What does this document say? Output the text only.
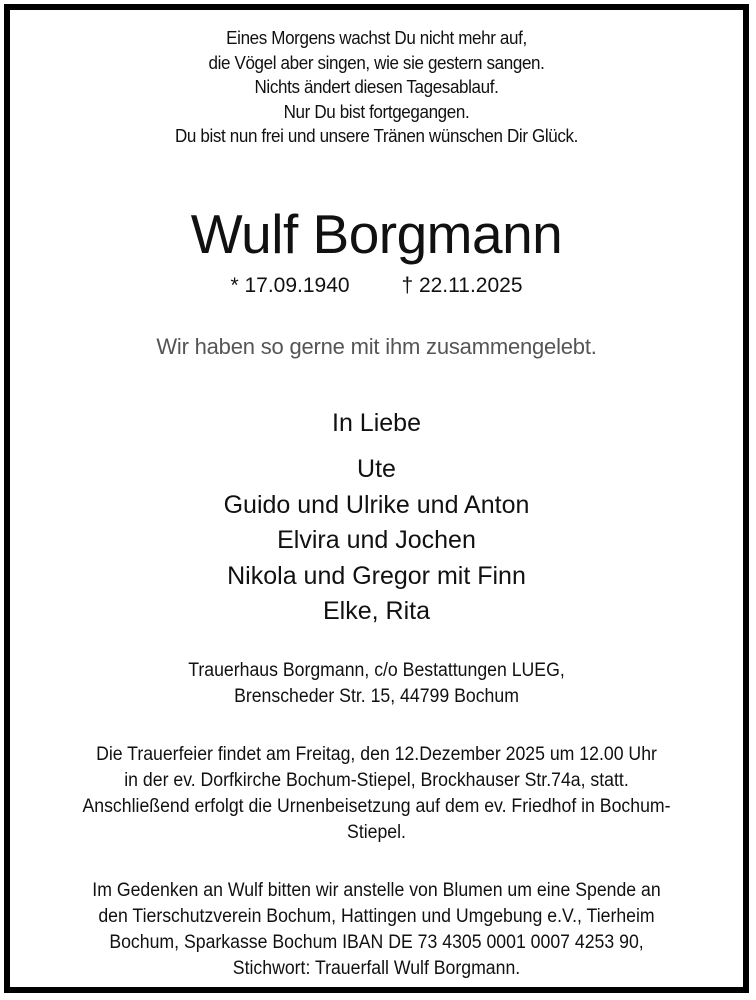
Eines Morgens wachst Du nicht mehr auf,
die Vögel aber singen, wie sie gestern sangen.
Nichts ändert diesen Tagesablauf.
Nur Du bist fortgegangen.
Du bist nun frei und unsere Tränen wünschen Dir Glück.
Wulf Borgmann
* 17.09.1940 † 22.11.2025
Wir haben so gerne mit ihm zusammengelebt.
In Liebe
Ute
Guido und Ulrike und Anton
Elvira und Jochen
Nikola und Gregor mit Finn
Elke, Rita
Trauerhaus Borgmann, c/o Bestattungen LUEG,
Brenscheder Str. 15, 44799 Bochum
Die Trauerfeier findet am Freitag, den 12.Dezember 2025 um 12.00 Uhr
in der ev. Dorfkirche Bochum-Stiepel, Brockhauser Str.74a, statt.
Anschließend erfolgt die Urnenbeisetzung auf dem ev. Friedhof in Bochum-
Stiepel.
Im Gedenken an Wulf bitten wir anstelle von Blumen um eine Spende an
den Tierschutzverein Bochum, Hattingen und Umgebung e.V., Tierheim
Bochum, Sparkasse Bochum IBAN DE 73 4305 0001 0007 4253 90,
Stichwort: Trauerfall Wulf Borgmann.
